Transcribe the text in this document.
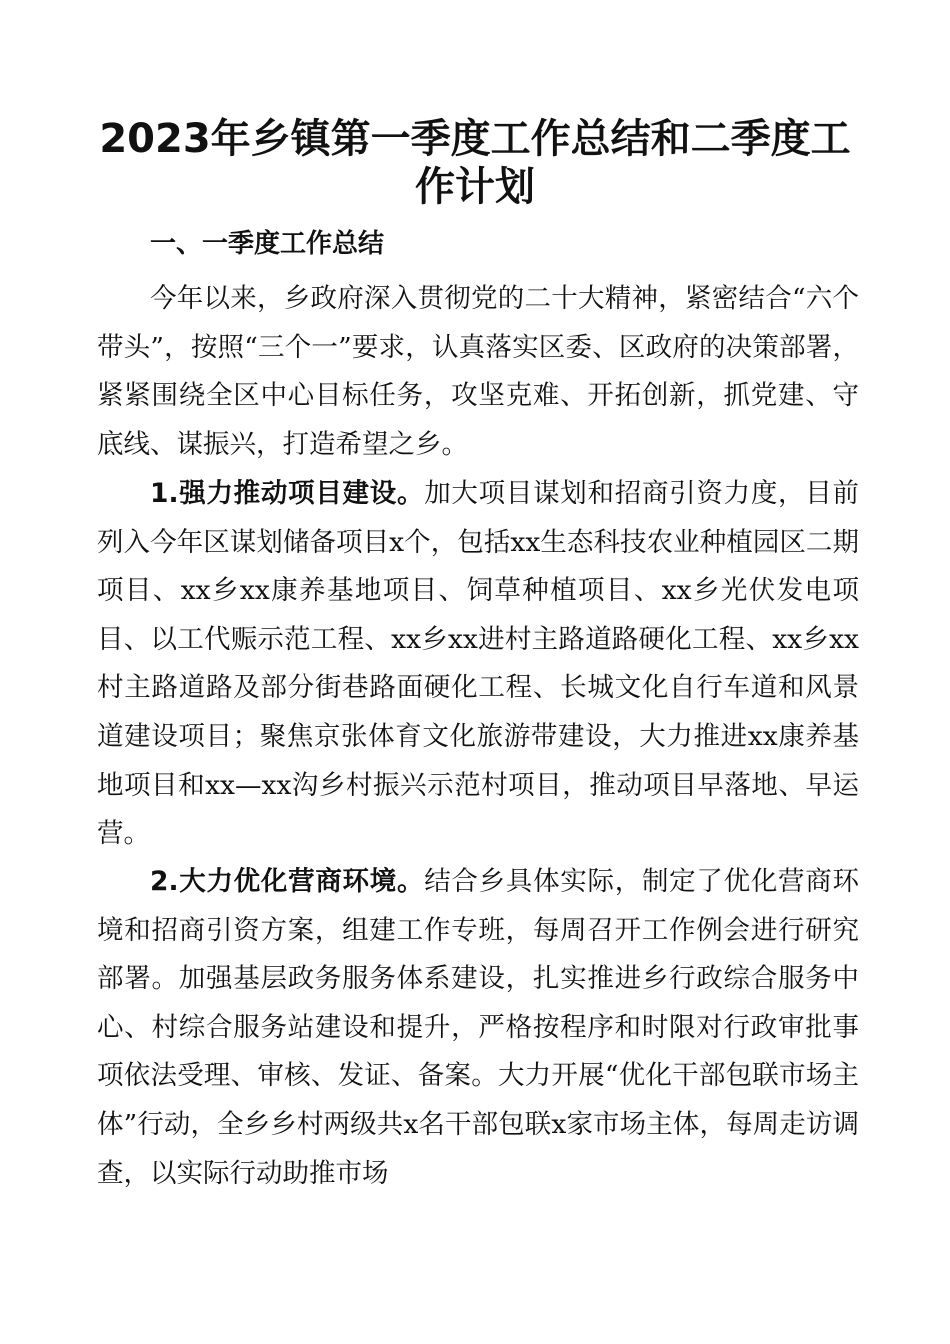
2023年乡镇第一季度工作总结和二季度工
作计划
一、一季度工作总结

今年以来，乡政府深入贯彻党的二十大精神，紧密结合“六个带头”，按照“三个一”要求，认真落实区委、区政府的决策部署，紧紧围绕全区中心目标任务，攻坚克难、开拓创新，抓党建、守底线、谋振兴，打造希望之乡。

1.强力推动项目建设。加大项目谋划和招商引资力度，目前列入今年区谋划储备项目x个，包括xx生态科技农业种植园区二期项目、xx乡xx康养基地项目、饲草种植项目、xx乡光伏发电项目、以工代赈示范工程、xx乡xx进村主路道路硬化工程、xx乡xx村主路道路及部分街巷路面硬化工程、长城文化自行车道和风景道建设项目；聚焦京张体育文化旅游带建设，大力推进xx康养基地项目和xx—xx沟乡村振兴示范村项目，推动项目早落地、早运营。

2.大力优化营商环境。结合乡具体实际，制定了优化营商环境和招商引资方案，组建工作专班，每周召开工作例会进行研究部署。加强基层政务服务体系建设，扎实推进乡行政综合服务中心、村综合服务站建设和提升，严格按程序和时限对行政审批事项依法受理、审核、发证、备案。大力开展“优化干部包联市场主体”行动，全乡乡村两级共x名干部包联x家市场主体，每周走访调查，以实际行动助推市场
